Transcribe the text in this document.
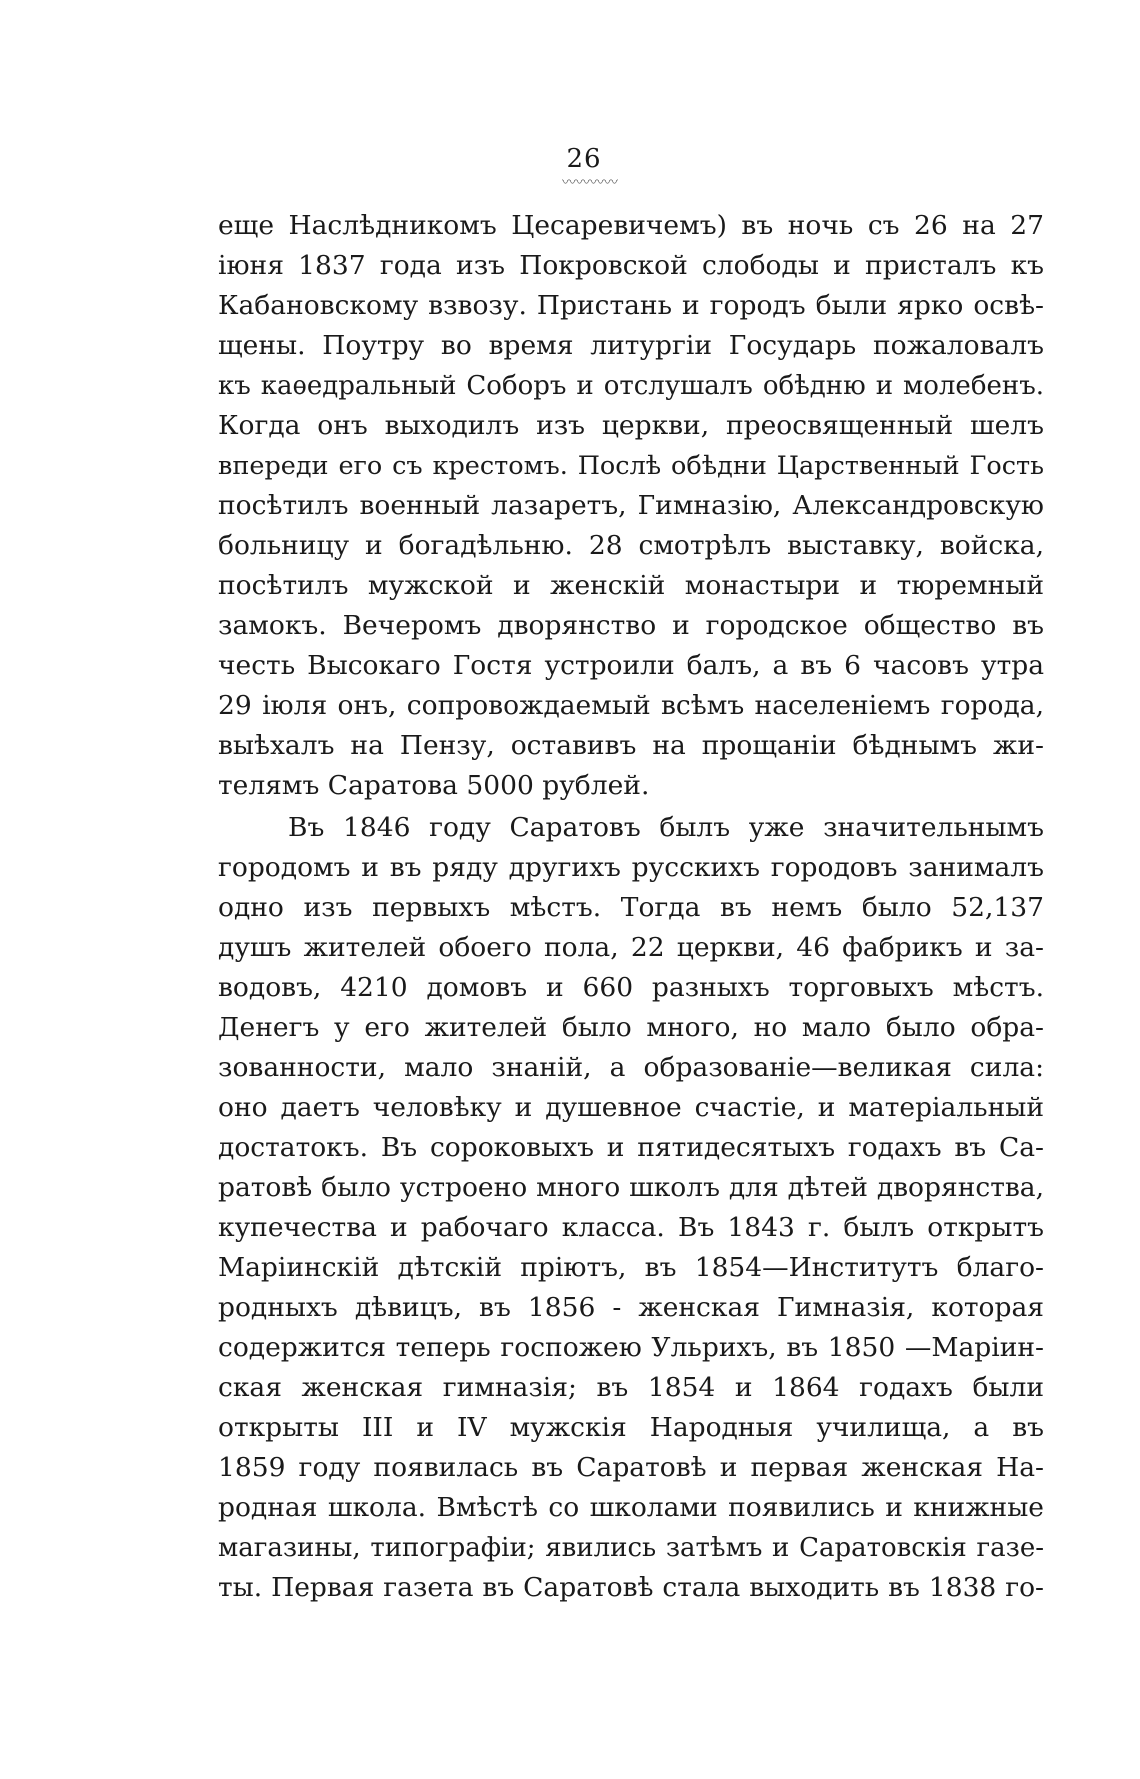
26
〰〰〰〰
еще Наслѣдникомъ Цесаревичемъ) въ ночь съ 26 на 27
іюня 1837 года изъ Покровской слободы и присталъ къ
Кабановскому взвозу. Пристань и городъ были ярко освѣ-
щены. Поутру во время литургіи Государь пожаловалъ
къ каѳедральный Соборъ и отслушалъ обѣдню и молебенъ.
Когда онъ выходилъ изъ церкви, преосвященный шелъ
впереди его съ крестомъ. Послѣ обѣдни Царственный Гость
посѣтилъ военный лазаретъ, Гимназію, Александровскую
больницу и богадѣльню. 28 смотрѣлъ выставку, войска,
посѣтилъ мужской и женскій монастыри и тюремный
замокъ. Вечеромъ дворянство и городское общество въ
честь Высокаго Гостя устроили балъ, а въ 6 часовъ утра
29 іюля онъ, сопровождаемый всѣмъ населеніемъ города,
выѣхалъ на Пензу, оставивъ на прощаніи бѣднымъ жи-
телямъ Саратова 5000 рублей.
Въ 1846 году Саратовъ былъ уже значительнымъ
городомъ и въ ряду другихъ русскихъ городовъ занималъ
одно изъ первыхъ мѣстъ. Тогда въ немъ было 52,137
душъ жителей обоего пола, 22 церкви, 46 фабрикъ и за-
водовъ, 4210 домовъ и 660 разныхъ торговыхъ мѣстъ.
Денегъ у его жителей было много, но мало было обра-
зованности, мало знаній, а образованіе—великая сила:
оно даетъ человѣку и душевное счастіе, и матеріальный
достатокъ. Въ сороковыхъ и пятидесятыхъ годахъ въ Са-
ратовѣ было устроено много школъ для дѣтей дворянства,
купечества и рабочаго класса. Въ 1843 г. былъ открытъ
Маріинскій дѣтскій пріютъ, въ 1854—Институтъ благо-
родныхъ дѣвицъ, въ 1856 - женская Гимназія, которая
содержится теперь госпожею Ульрихъ, въ 1850 —Маріин-
ская женская гимназія; въ 1854 и 1864 годахъ были
открыты III и IV мужскія Народныя училища, а въ
1859 году появилась въ Саратовѣ и первая женская На-
родная школа. Вмѣстѣ со школами появились и книжные
магазины, типографіи; явились затѣмъ и Саратовскія газе-
ты. Первая газета въ Саратовѣ стала выходить въ 1838 го-
